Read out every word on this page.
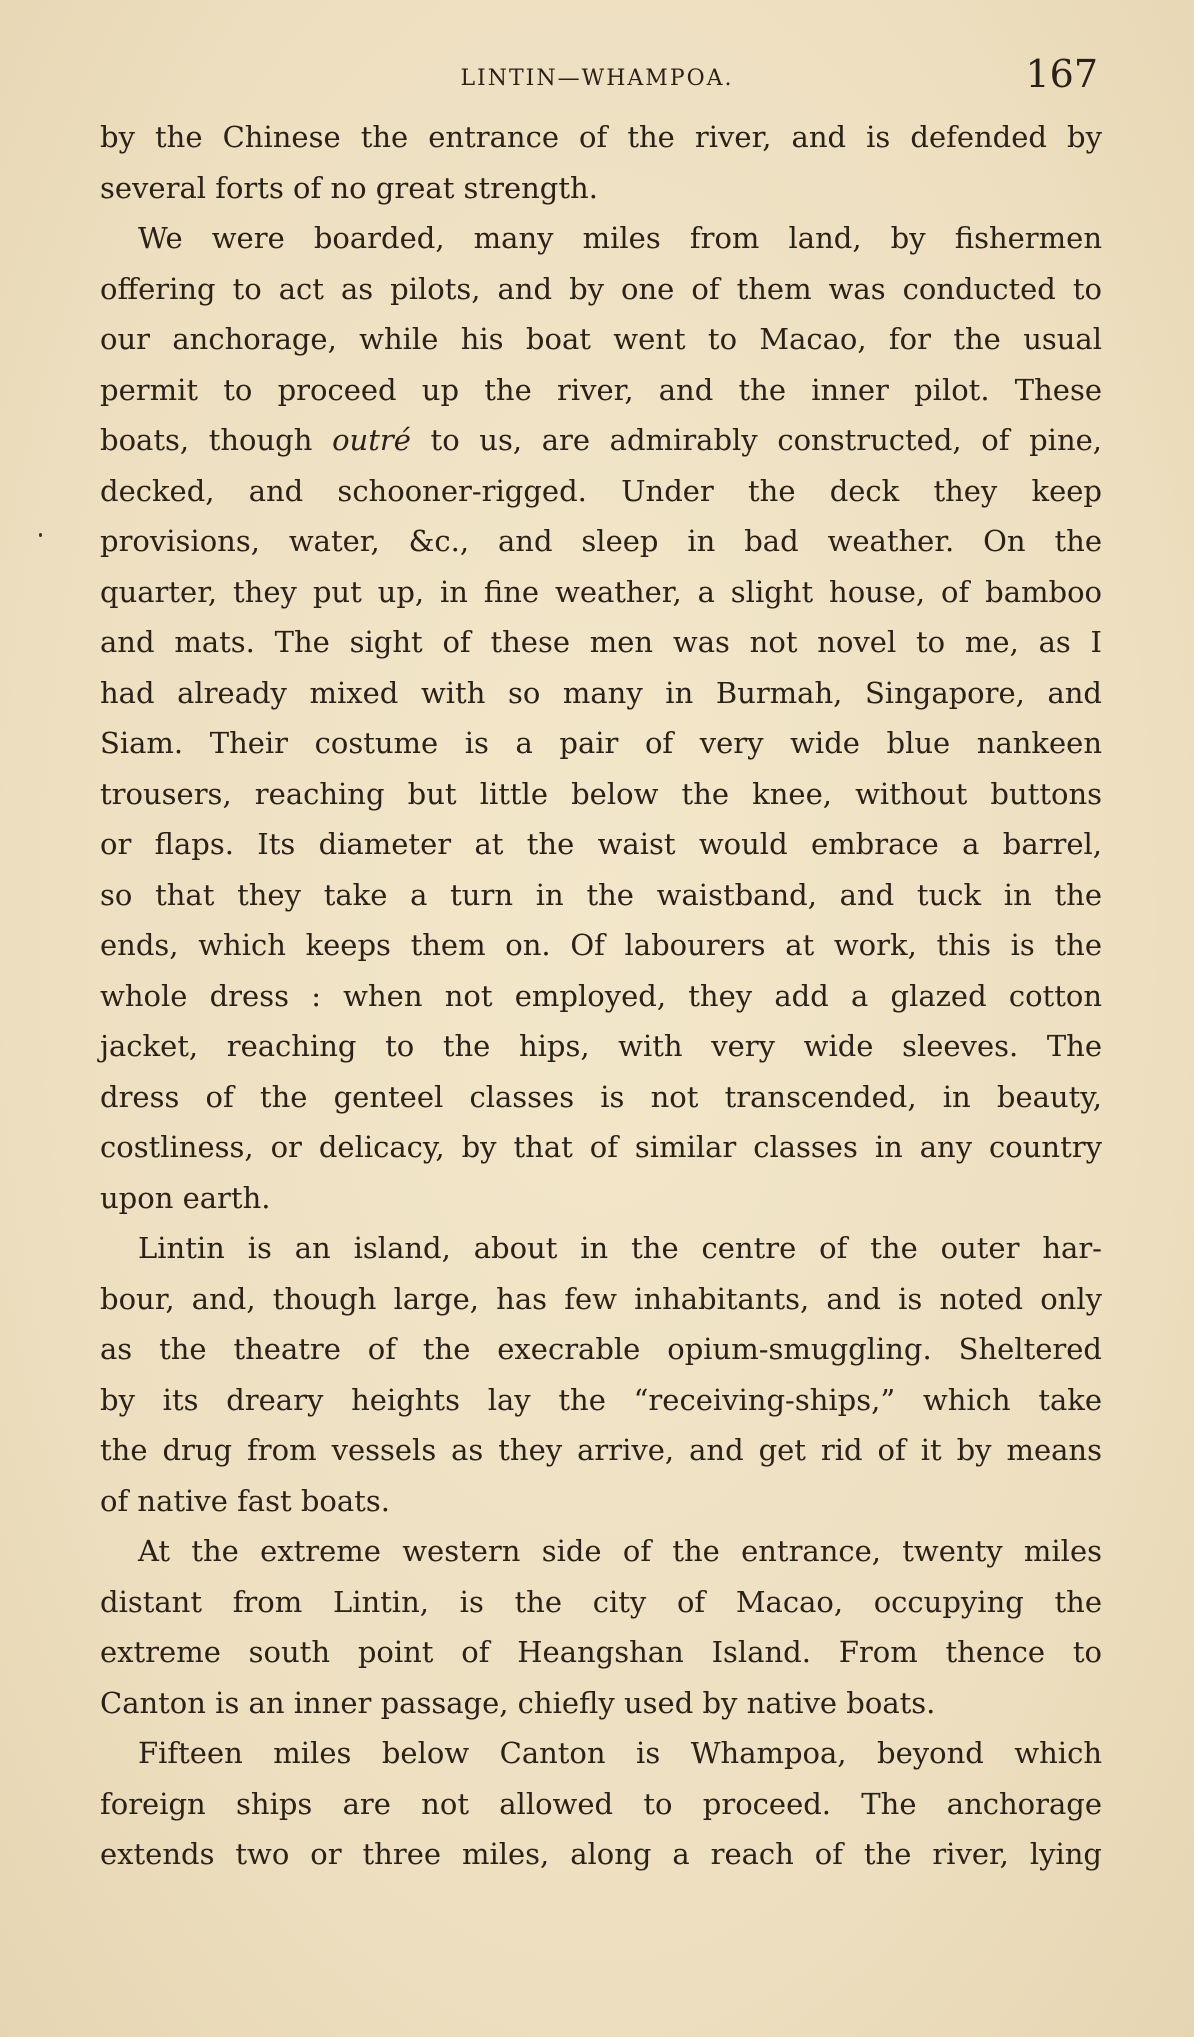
LINTIN—WHAMPOA.	167
by the Chinese the entrance of the river, and is defended by
several forts of no great strength.
We were boarded, many miles from land, by fishermen
offering to act as pilots, and by one of them was conducted to
our anchorage, while his boat went to Macao, for the usual
permit to proceed up the river, and the inner pilot. These
boats, though outré to us, are admirably constructed, of pine,
decked, and schooner-rigged. Under the deck they keep
provisions, water, &c., and sleep in bad weather. On the
quarter, they put up, in fine weather, a slight house, of bamboo
and mats. The sight of these men was not novel to me, as I
had already mixed with so many in Burmah, Singapore, and
Siam. Their costume is a pair of very wide blue nankeen
trousers, reaching but little below the knee, without buttons
or flaps. Its diameter at the waist would embrace a barrel,
so that they take a turn in the waistband, and tuck in the
ends, which keeps them on. Of labourers at work, this is the
whole dress : when not employed, they add a glazed cotton
jacket, reaching to the hips, with very wide sleeves. The
dress of the genteel classes is not transcended, in beauty,
costliness, or delicacy, by that of similar classes in any country
upon earth.
Lintin is an island, about in the centre of the outer har-
bour, and, though large, has few inhabitants, and is noted only
as the theatre of the execrable opium-smuggling. Sheltered
by its dreary heights lay the “receiving-ships,” which take
the drug from vessels as they arrive, and get rid of it by means
of native fast boats.
At the extreme western side of the entrance, twenty miles
distant from Lintin, is the city of Macao, occupying the
extreme south point of Heangshan Island. From thence to
Canton is an inner passage, chiefly used by native boats.
Fifteen miles below Canton is Whampoa, beyond which
foreign ships are not allowed to proceed. The anchorage
extends two or three miles, along a reach of the river, lying
